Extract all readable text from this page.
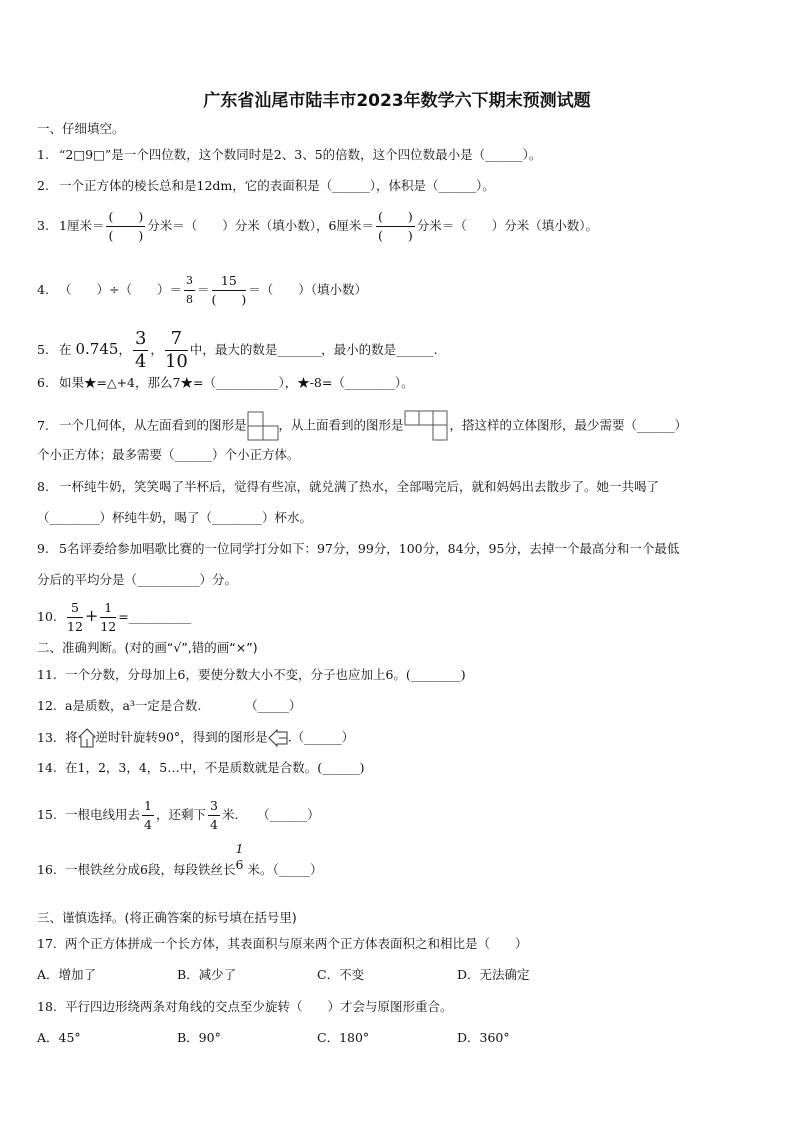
广东省汕尾市陆丰市2023年数学六下期末预测试题
一、仔细填空。
1. “2□9□”是一个四位数，这个数同时是2、3、5的倍数，这个四位数最小是（______）。
2. 一个正方体的棱长总和是12dm，它的表面积是（______），体积是（______）。
3. 1厘米＝ $\frac{( )}{( )}$ 分米＝（　　）分米（填小数），6厘米＝ $\frac{( )}{( )}$ 分米＝（　　）分米（填小数）。
4. （　　）÷（　　）＝ $\frac{3}{8} = \frac{15}{( )}$ ＝（　　）（填小数）
5. 在 0.745， $\frac{3}{4}$ ， $\frac{7}{10}$ 中，最大的数是_______，最小的数是______.
6. 如果★=△+4，那么7★=（__________），★-8=（________）。
7. 一个几何体，从左面看到的图形是	，从上面看到的图形是	，搭这样的立体图形，最少需要（______）
个小正方体；最多需要（______）个小正方体。
8. 一杯纯牛奶，笑笑喝了半杯后，觉得有些凉，就兑满了热水，全部喝完后，就和妈妈出去散步了。她一共喝了
（________）杯纯牛奶，喝了（________）杯水。
9. 5名评委给参加唱歌比赛的一位同学打分如下：97分，99分，100分，84分，95分，去掉一个最高分和一个最低
分后的平均分是（__________）分。
10. $\frac{5}{12} + \frac{1}{12}$ =__________
二、准确判断。(对的画“√”,错的画“×”)
11. 一个分数，分母加上6，要使分数大小不变，分子也应加上6。(________)
12. a是质数，a³一定是合数.　　　　（_____）
13. 将 逆时针旋转90°，得到的图形是 .（______）
14. 在1，2，3，4，5…中，不是质数就是合数。(______)
15. 一根电线用去 $\frac{1}{4}$ ，还剩下 $\frac{3}{4}$ 米.　　（______）
16. 一根铁丝分成6段，每段铁丝长
1
6 米。（_____）
三、谨慎选择。(将正确答案的标号填在括号里)
17. 两个正方体拼成一个长方体，其表面积与原来两个正方体表面积之和相比是（　　）
A．增加了	B．减少了	C．不变	D．无法确定
18. 平行四边形绕两条对角线的交点至少旋转（　　）才会与原图形重合。
A．45°	B．90°	C．180°	D．360°
